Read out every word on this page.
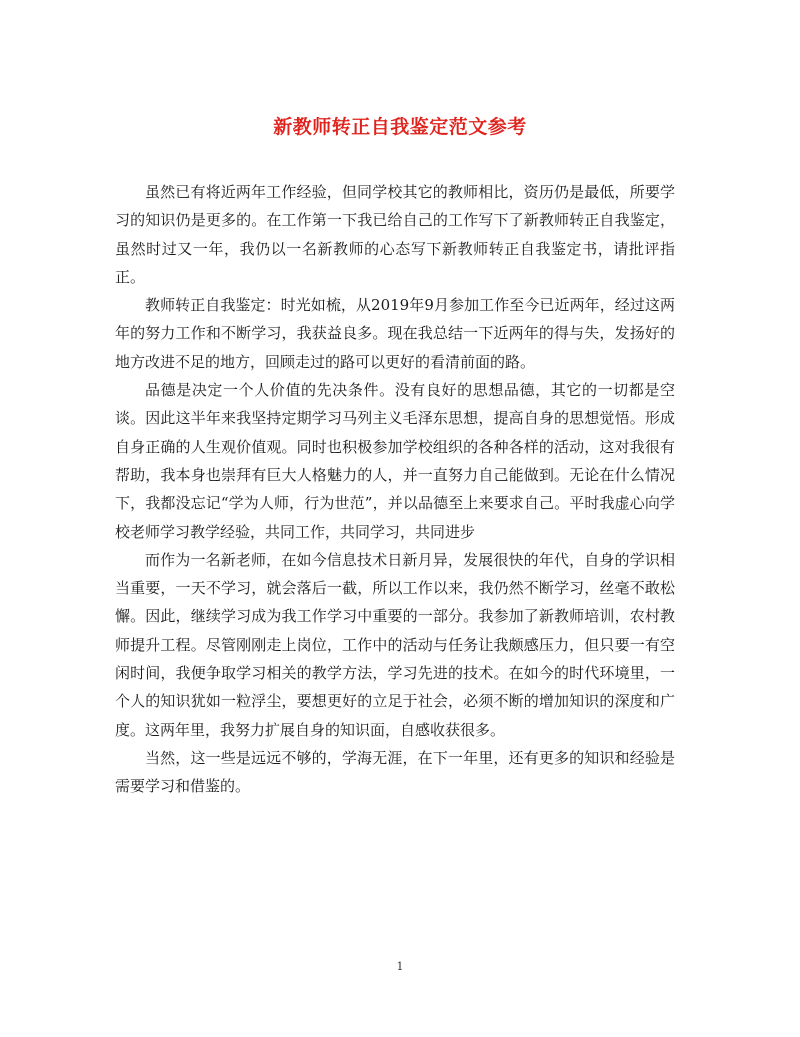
新教师转正自我鉴定范文参考

虽然已有将近两年工作经验，但同学校其它的教师相比，资历仍是最低，所要学习的知识仍是更多的。在工作第一下我已给自己的工作写下了新教师转正自我鉴定，虽然时过又一年，我仍以一名新教师的心态写下新教师转正自我鉴定书，请批评指正。

教师转正自我鉴定：时光如梳，从2019年9月参加工作至今已近两年，经过这两年的努力工作和不断学习，我获益良多。现在我总结一下近两年的得与失，发扬好的地方改进不足的地方，回顾走过的路可以更好的看清前面的路。

品德是决定一个人价值的先决条件。没有良好的思想品德，其它的一切都是空谈。因此这半年来我坚持定期学习马列主义毛泽东思想，提高自身的思想觉悟。形成自身正确的人生观价值观。同时也积极参加学校组织的各种各样的活动，这对我很有帮助，我本身也崇拜有巨大人格魅力的人，并一直努力自己能做到。无论在什么情况下，我都没忘记“学为人师，行为世范”，并以品德至上来要求自己。平时我虚心向学校老师学习教学经验，共同工作，共同学习，共同进步

而作为一名新老师，在如今信息技术日新月异，发展很快的年代，自身的学识相当重要，一天不学习，就会落后一截，所以工作以来，我仍然不断学习，丝毫不敢松懈。因此，继续学习成为我工作学习中重要的一部分。我参加了新教师培训，农村教师提升工程。尽管刚刚走上岗位，工作中的活动与任务让我颇感压力，但只要一有空闲时间，我便争取学习相关的教学方法，学习先进的技术。在如今的时代环境里，一个人的知识犹如一粒浮尘，要想更好的立足于社会，必须不断的增加知识的深度和广度。这两年里，我努力扩展自身的知识面，自感收获很多。

当然，这一些是远远不够的，学海无涯，在下一年里，还有更多的知识和经验是需要学习和借鉴的。

1
